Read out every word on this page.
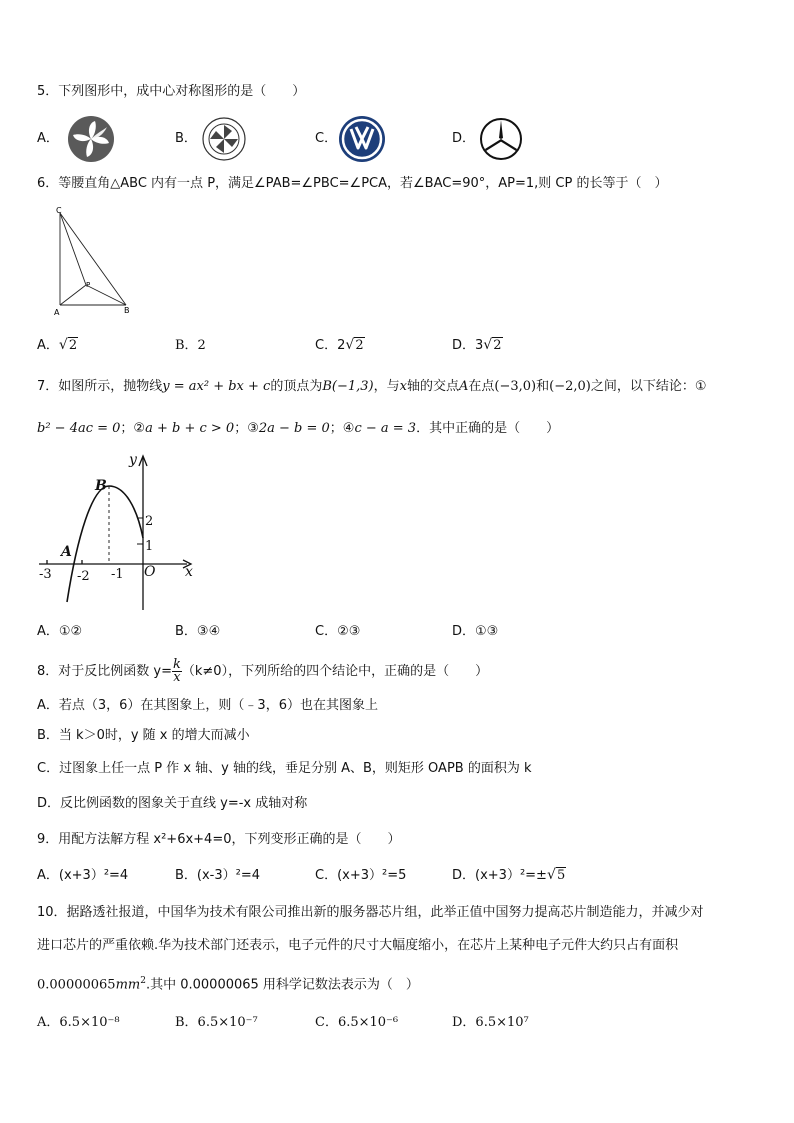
5．下列图形中，成中心对称图形的是（　　）
A．	B．	C．	D．
6．等腰直角△ABC 内有一点 P，满足∠PAB=∠PBC=∠PCA，若∠BAC=90°，AP=1,则 CP 的长等于（　）
C
A	B
P
A． √ 2	B．2	C．2 √ 2	D．3 √ 2
7．如图所示，抛物线y = ax² + bx + c的顶点为B(−1,3)，与x轴的交点A在点(−3,0)和(−2,0)之间，以下结论：①
b² − 4ac = 0；②a + b + c > 0；③2a − b = 0；④c − a = 3．其中正确的是（　　）
y
x
O
B
A
2
1
-1
-2
-3
A．①②	B．③④	C．②③	D．①③
8．对于反比例函数 $y= \frac{k}{x} (k\ne 0)$，下列所给的四个结论中，正确的是（　　）
A．若点（3，6）在其图象上，则（﹣3，6）也在其图象上
B．当 k＞0时，y 随 x 的增大而减小
C．过图象上任一点 P 作 x 轴、y 轴的线，垂足分别 A、B，则矩形 OAPB 的面积为 k
D．反比例函数的图象关于直线 y=-x 成轴对称
9．用配方法解方程 x²+6x+4=0，下列变形正确的是（　　）
A．(x+3）²=4	B．(x-3）²=4	C．(x+3）²=5	D．(x+3）²=± √ 5
10．据路透社报道，中国华为技术有限公司推出新的服务器芯片组，此举正值中国努力提高芯片制造能力，并减少对
进口芯片的严重依赖.华为技术部门还表示，电子元件的尺寸大幅度缩小，在芯片上某种电子元件大约只占有面积
$0.00000065mm^2$.其中 0.00000065 用科学记数法表示为（　）
A．6.5×10⁻⁸	B．6.5×10⁻⁷	C．6.5×10⁻⁶	D．6.5×10⁷
